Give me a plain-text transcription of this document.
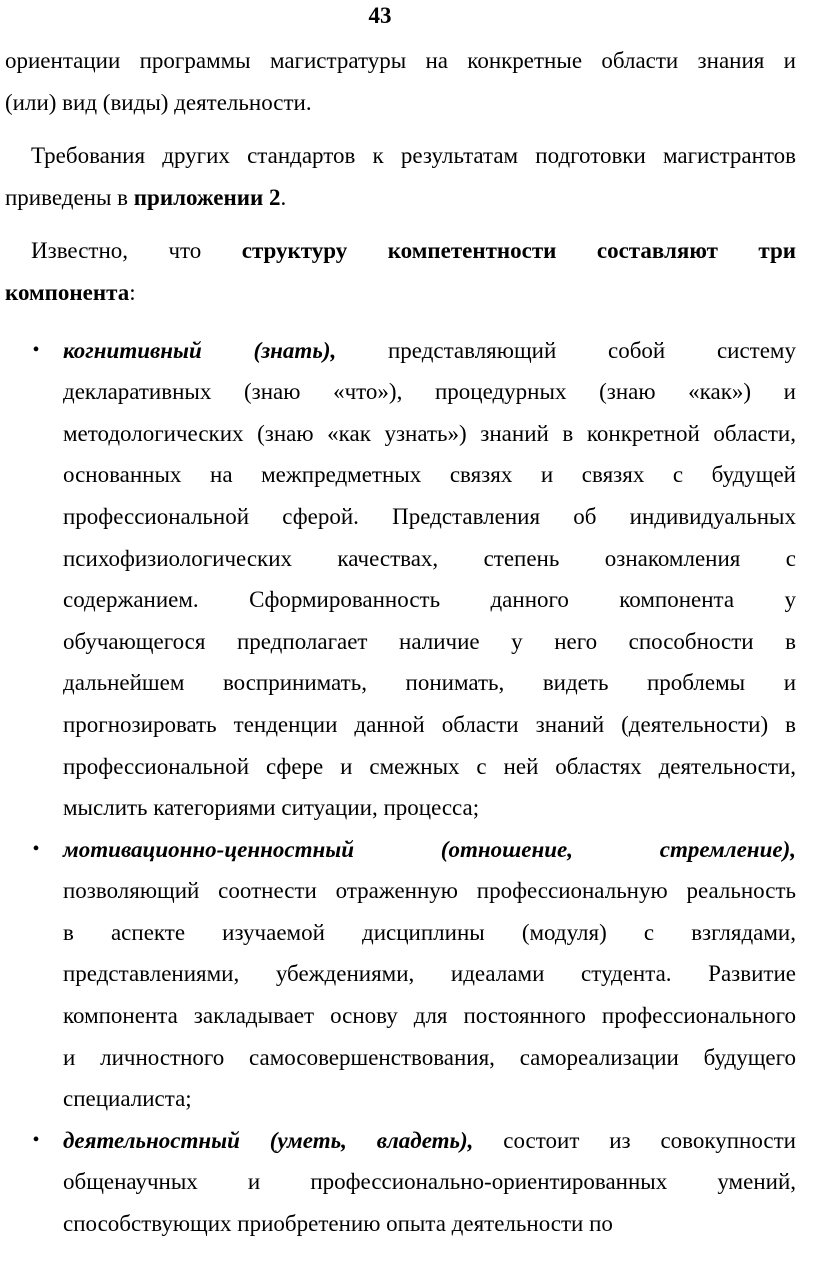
43
ориентации программы магистратуры на конкретные области знания и
(или) вид (виды) деятельности.
Требования других стандартов к результатам подготовки магистрантов
приведены в приложении 2.
Известно, что структуру компетентности составляют три
компонента:
• когнитивный (знать), представляющий собой систему
декларативных (знаю «что»), процедурных (знаю «как») и
методологических (знаю «как узнать») знаний в конкретной области,
основанных на межпредметных связях и связях с будущей
профессиональной сферой. Представления об индивидуальных
психофизиологических качествах, степень ознакомления с
содержанием. Сформированность данного компонента у
обучающегося предполагает наличие у него способности в
дальнейшем воспринимать, понимать, видеть проблемы и
прогнозировать тенденции данной области знаний (деятельности) в
профессиональной сфере и смежных с ней областях деятельности,
мыслить категориями ситуации, процесса;
• мотивационно-ценностный (отношение, стремление),
позволяющий соотнести отраженную профессиональную реальность
в аспекте изучаемой дисциплины (модуля) с взглядами,
представлениями, убеждениями, идеалами студента. Развитие
компонента закладывает основу для постоянного профессионального
и личностного самосовершенствования, самореализации будущего
специалиста;
• деятельностный (уметь, владеть), состоит из совокупности
общенаучных и профессионально-ориентированных умений,
способствующих приобретению опыта деятельности по
